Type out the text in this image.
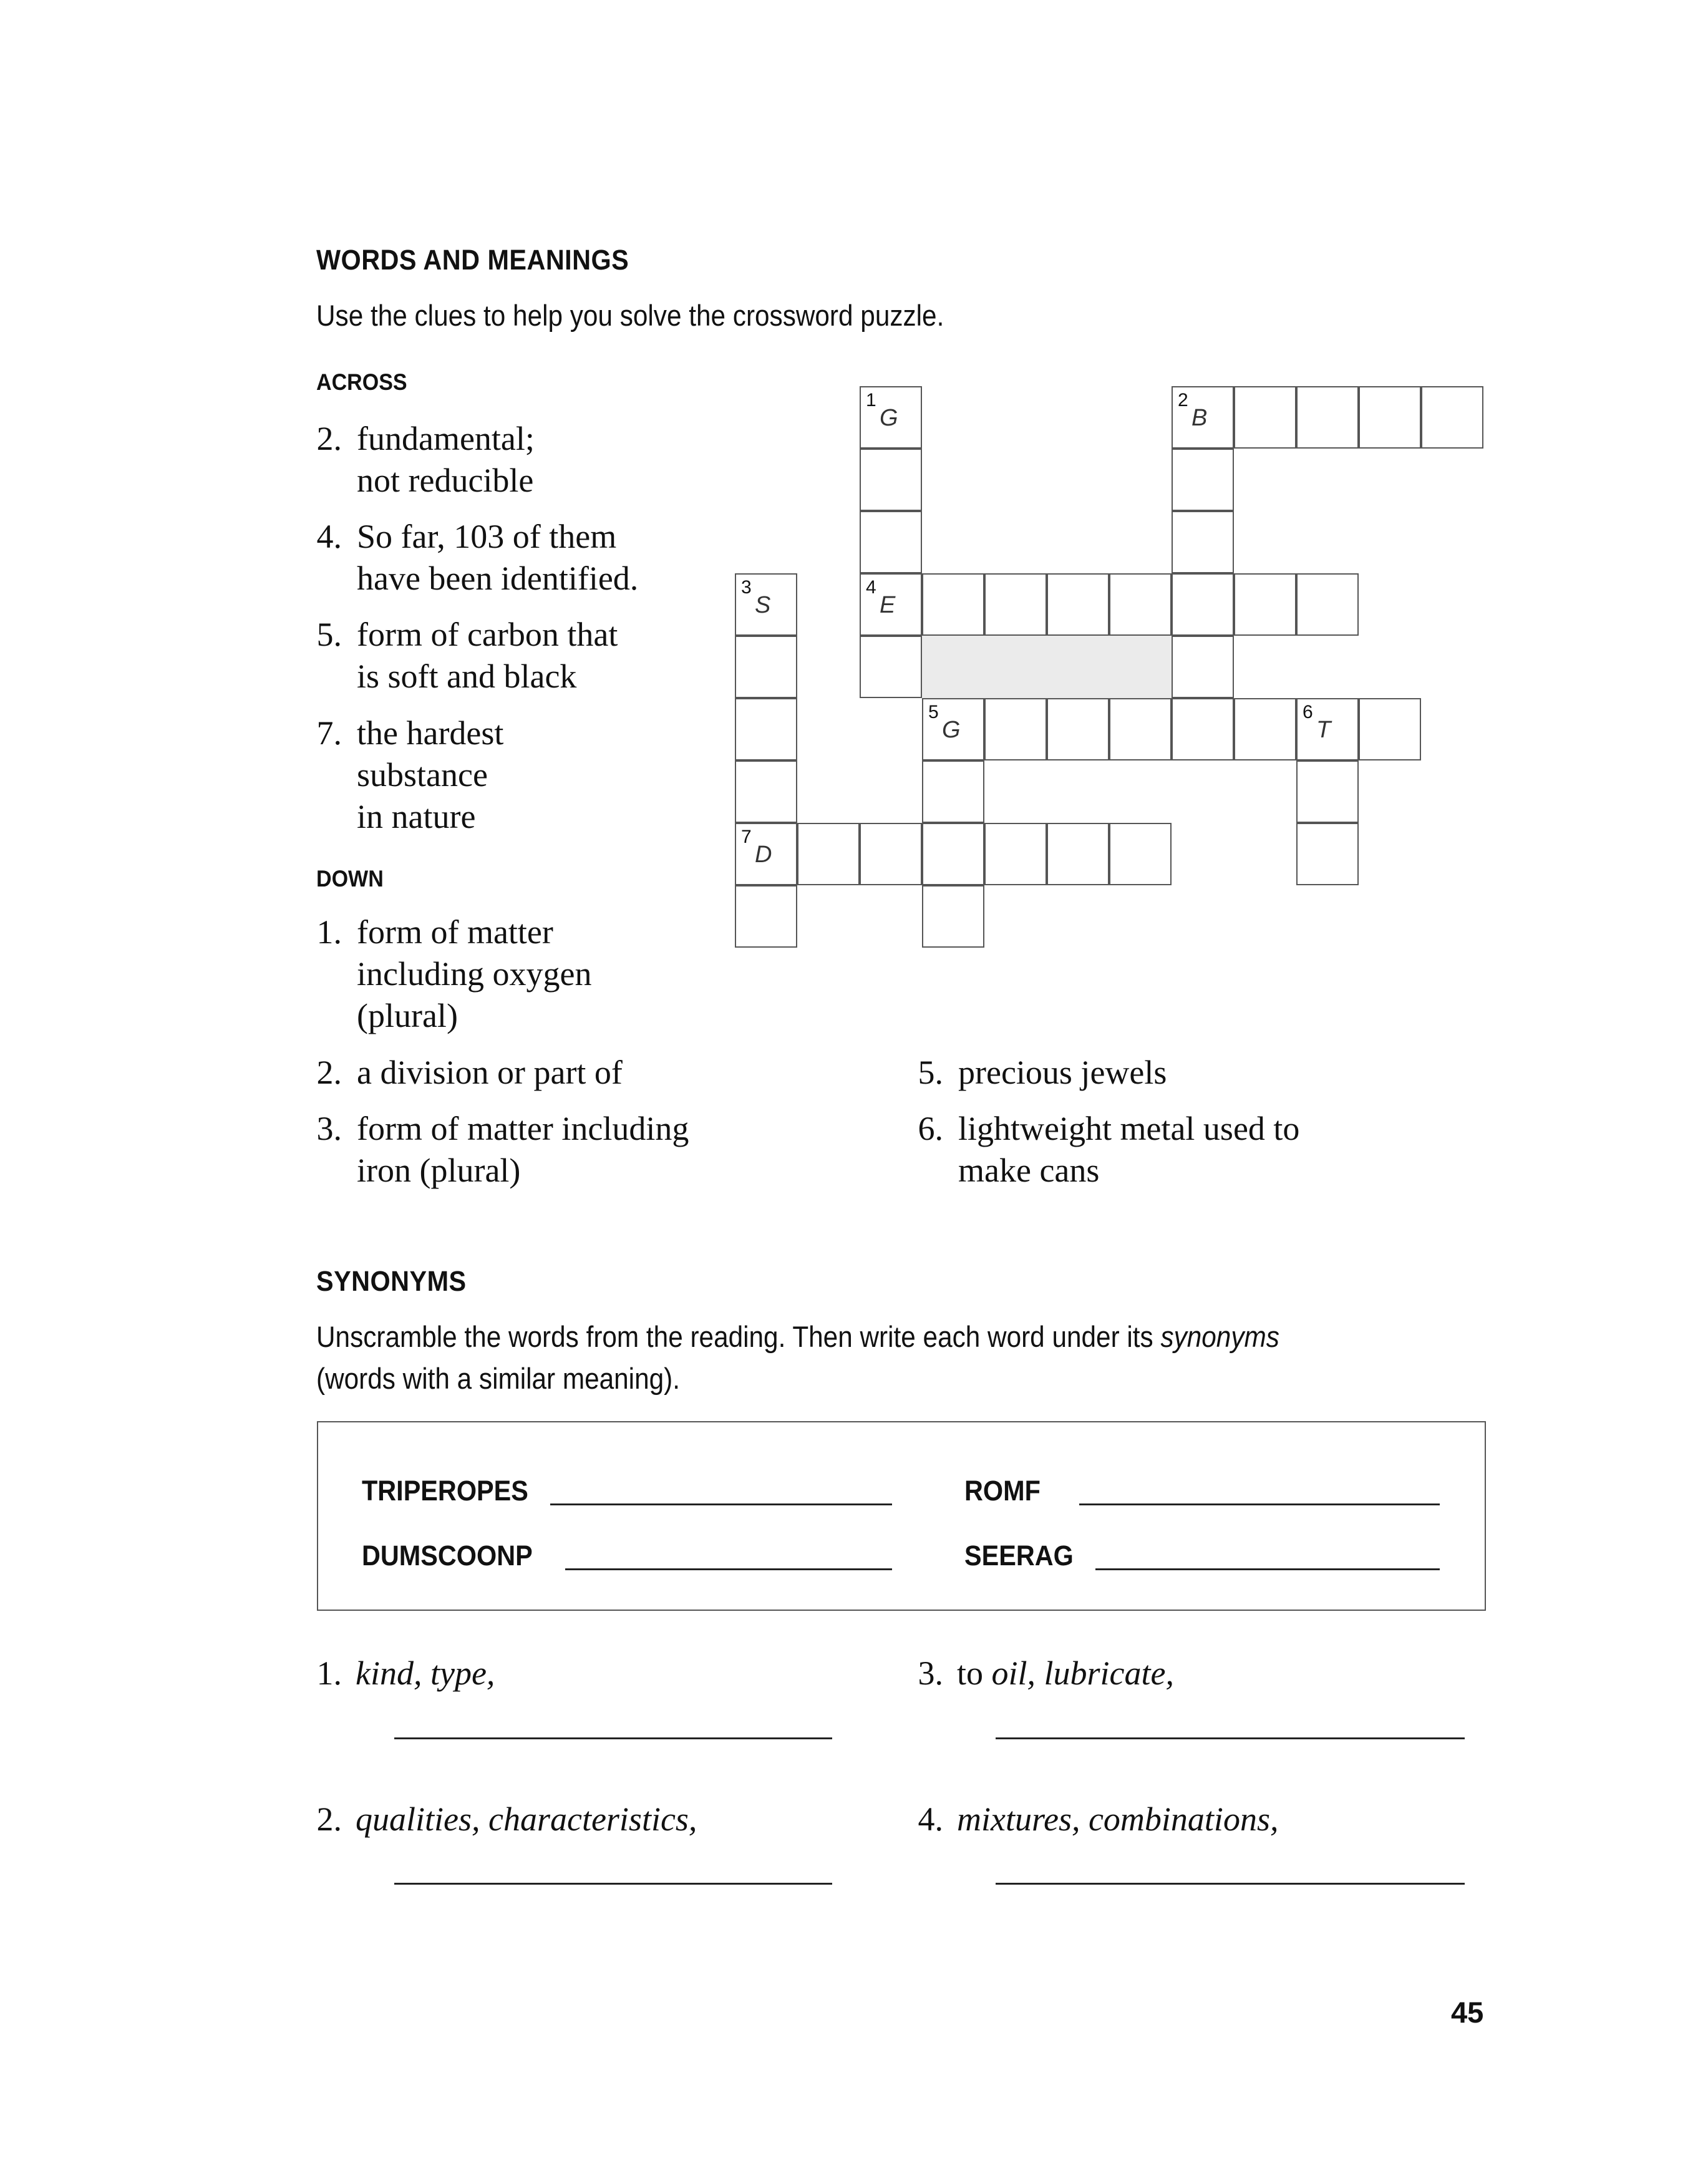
WORDS AND MEANINGS
Use the clues to help you solve the crossword puzzle.
ACROSS
2. fundamental;
not reducible
4. So far, 103 of them
have been identified.
5. form of carbon that
is soft and black
7. the hardest
substance
in nature
DOWN
1. form of matter
including oxygen
(plural)
2. a division or part of
3. form of matter including
iron (plural)
5. precious jewels
6. lightweight metal used to
make cans
1
G
2
B
3
S
4
E
5
G
6
T
7
D
SYNONYMS
Unscramble the words from the reading. Then write each word under its synonyms
(words with a similar meaning).
TRIPEROPES	ROMF
DUMSCOONP	SEERAG
1. kind, type,	3. to oil, lubricate,
2. qualities, characteristics,	4. mixtures, combinations,
45
